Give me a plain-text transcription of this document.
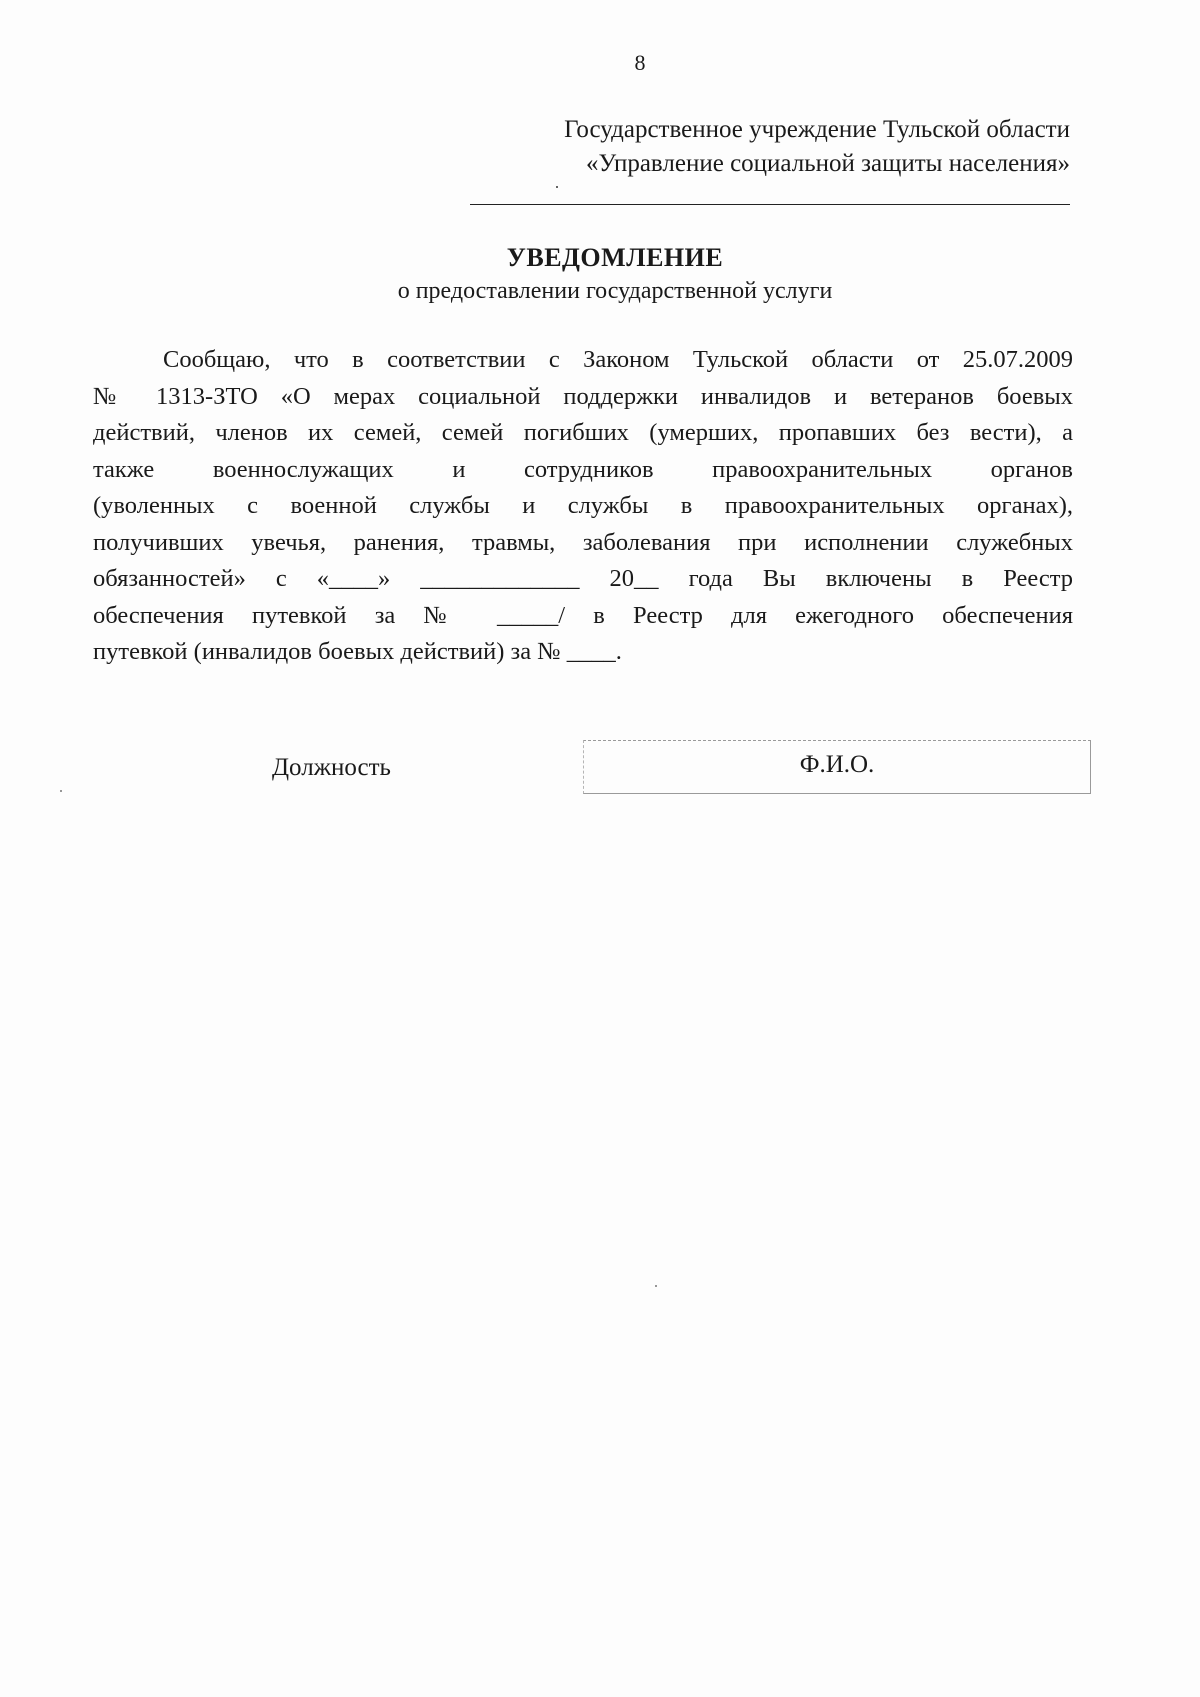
8
Государственное учреждение Тульской области
«Управление социальной защиты населения»
УВЕДОМЛЕНИЕ
о предоставлении государственной услуги
Сообщаю, что в соответствии с Законом Тульской области от 25.07.2009
№ 1313-ЗТО «О мерах социальной поддержки инвалидов и ветеранов боевых
действий, членов их семей, семей погибших (умерших, пропавших без вести), а
также военнослужащих и сотрудников правоохранительных органов
(уволенных с военной службы и службы в правоохранительных органах),
получивших увечья, ранения, травмы, заболевания при исполнении служебных
обязанностей» с «____» _____________ 20__ года Вы включены в Реестр
обеспечения путевкой за № _____/ в Реестр для ежегодного обеспечения
путевкой (инвалидов боевых действий) за № ____.
Должность	Ф.И.О.
